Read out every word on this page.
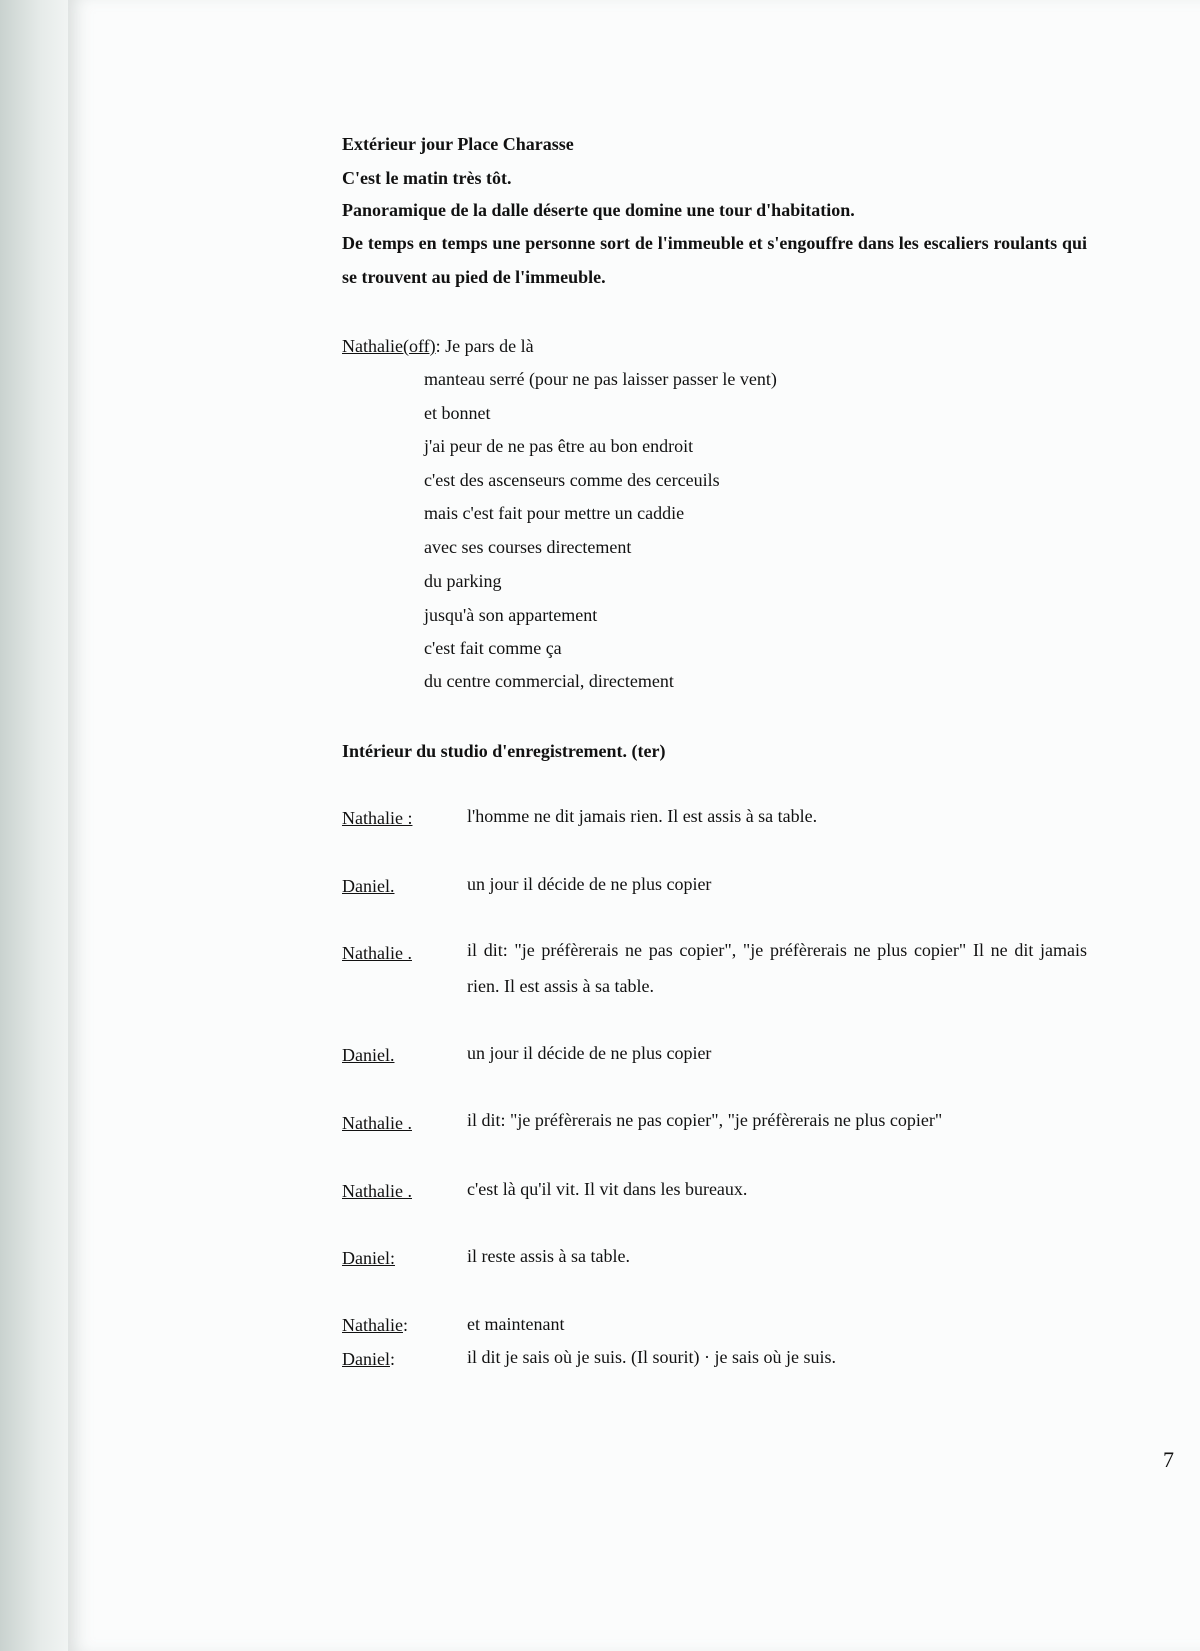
Extérieur jour Place Charasse
C'est le matin très tôt.
Panoramique de la dalle déserte que domine une tour d'habitation.
De temps en temps une personne sort de l'immeuble et s'engouffre dans les escaliers roulants qui se trouvent au pied de l'immeuble.
Nathalie(off): Je pars de là
manteau serré (pour ne pas laisser passer le vent)
et bonnet
j'ai peur de ne pas être au bon endroit
c'est des ascenseurs comme des cerceuils
mais c'est fait pour mettre un caddie
avec ses courses directement
du parking
jusqu'à son appartement
c'est fait comme ça
du centre commercial, directement
Intérieur du studio d'enregistrement. (ter)
Nathalie :	l'homme ne dit jamais rien. Il est assis à sa table.
Daniel.	un jour il décide de ne plus copier
Nathalie .	il dit: "je préfèrerais ne pas copier", "je préfèrerais ne plus copier" Il ne dit jamais rien. Il est assis à sa table.
Daniel.	un jour il décide de ne plus copier
Nathalie .	il dit: "je préfèrerais ne pas copier", "je préfèrerais ne plus copier"
Nathalie .	c'est là qu'il vit. Il vit dans les bureaux.
Daniel:	il reste assis à sa table.
Nathalie:	et maintenant
Daniel:	il dit je sais où je suis. (Il sourit) · je sais où je suis.
7
